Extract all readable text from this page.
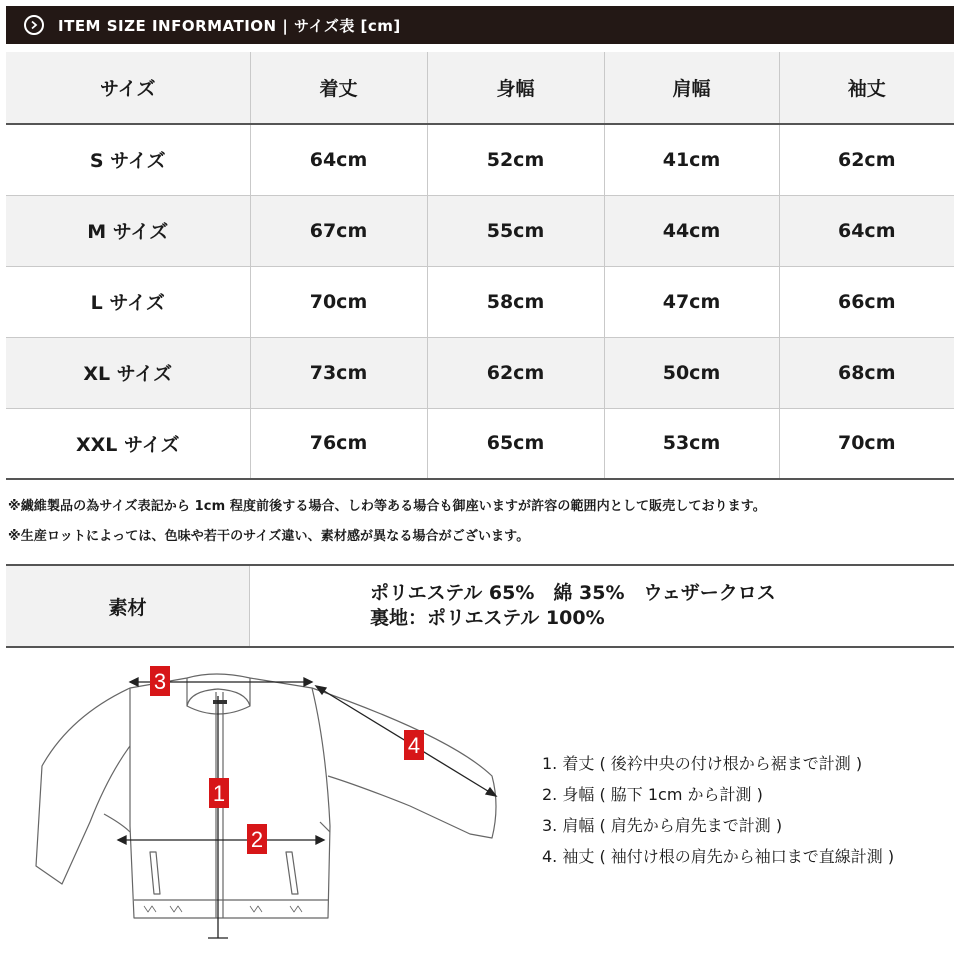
ITEM SIZE INFORMATION | サイズ表 [cm]
サイズ	着丈	身幅	肩幅	袖丈
S サイズ	64cm	52cm	41cm	62cm
M サイズ	67cm	55cm	44cm	64cm
L サイズ	70cm	58cm	47cm	66cm
XL サイズ	73cm	62cm	50cm	68cm
XXL サイズ	76cm	65cm	53cm	70cm
※繊維製品の為サイズ表記から 1cm 程度前後する場合、しわ等ある場合も御座いますが許容の範囲内として販売しております。
※生産ロットによっては、色味や若干のサイズ違い、素材感が異なる場合がございます。
素材
ポリエステル 65%　綿 35%　ウェザークロス
裏地：ポリエステル 100%
1
2
3
4
1. 着丈 ( 後衿中央の付け根から裾まで計測 )
2. 身幅 ( 脇下 1cm から計測 )
3. 肩幅 ( 肩先から肩先まで計測 )
4. 袖丈 ( 袖付け根の肩先から袖口まで直線計測 )
